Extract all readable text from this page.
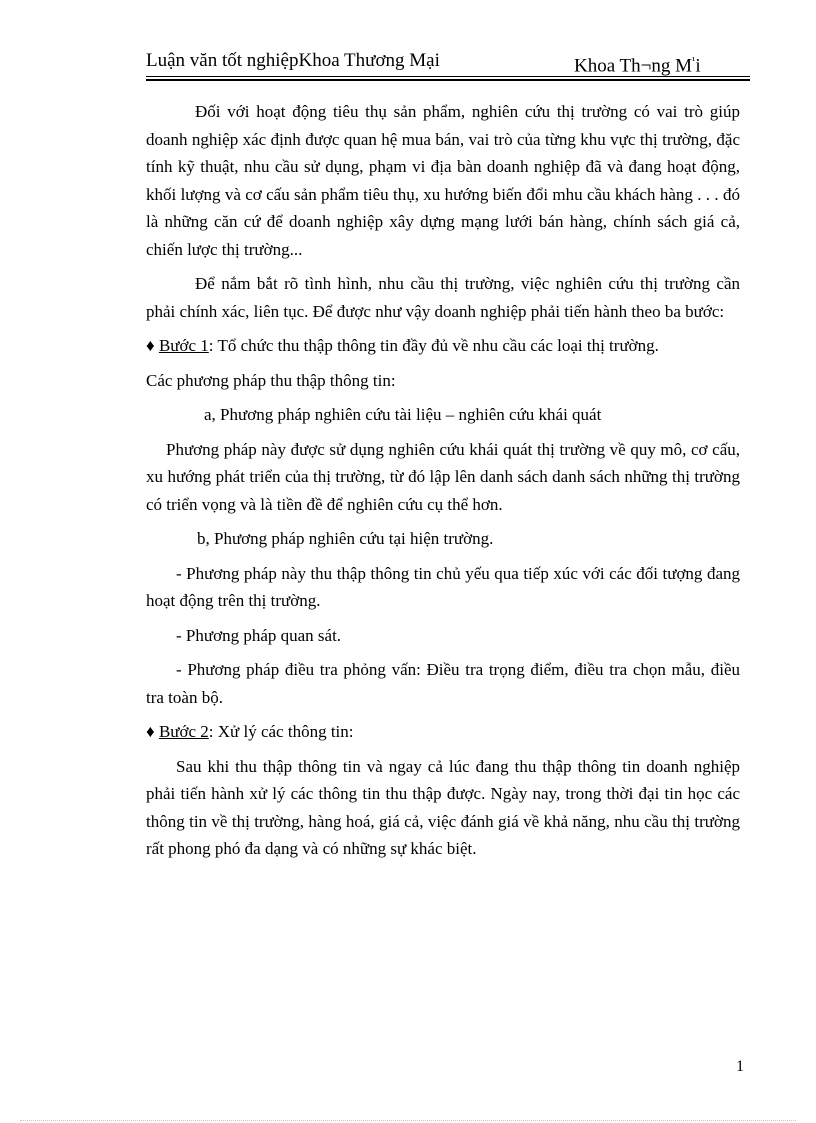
Luận văn tốt nghiệpKhoa Thương Mại	Khoa Th¬ng $M^{^1}i$

Đối với hoạt động tiêu thụ sản phẩm, nghiên cứu thị trường có vai trò giúp doanh nghiệp xác định được quan hệ mua bán, vai trò của từng khu vực thị trường, đặc tính kỹ thuật, nhu cầu sử dụng, phạm vi địa bàn doanh nghiệp đã và đang hoạt động, khối lượng và cơ cấu sản phẩm tiêu thụ, xu hướng biến đổi mhu cầu khách hàng . . . đó là những căn cứ để doanh nghiệp xây dựng mạng lưới bán hàng, chính sách giá cả, chiến lược thị trường...

Để nắm bắt rõ tình hình, nhu cầu thị trường, việc nghiên cứu thị trường cần phải chính xác, liên tục. Để được như vậy doanh nghiệp phải tiến hành theo ba bước:

♦ Bước 1: Tổ chức thu thập thông tin đầy đủ về nhu cầu các loại thị trường.

Các phương pháp thu thập thông tin:

a, Phương pháp nghiên cứu tài liệu – nghiên cứu khái quát

Phương pháp này được sử dụng nghiên cứu khái quát thị trường về quy mô, cơ cấu, xu hướng phát triển của thị trường, từ đó lập lên danh sách danh sách những thị trường có triển vọng và là tiền đề để nghiên cứu cụ thể hơn.

b, Phương pháp nghiên cứu tại hiện trường.

- Phương pháp này thu thập thông tin chủ yếu qua tiếp xúc với các đối tượng đang hoạt động trên thị trường.

- Phương pháp quan sát.

- Phương pháp điều tra phỏng vấn: Điều tra trọng điểm, điều tra chọn mẫu, điều tra toàn bộ.

♦ Bước 2: Xử lý các thông tin:

Sau khi thu thập thông tin và ngay cả lúc đang thu thập thông tin doanh nghiệp phải tiến hành xử lý các thông tin thu thập được. Ngày nay, trong thời đại tin học các thông tin về thị trường, hàng hoá, giá cả, việc đánh giá về khả năng, nhu cầu thị trường rất phong phó đa dạng và có những sự khác biệt.

1
